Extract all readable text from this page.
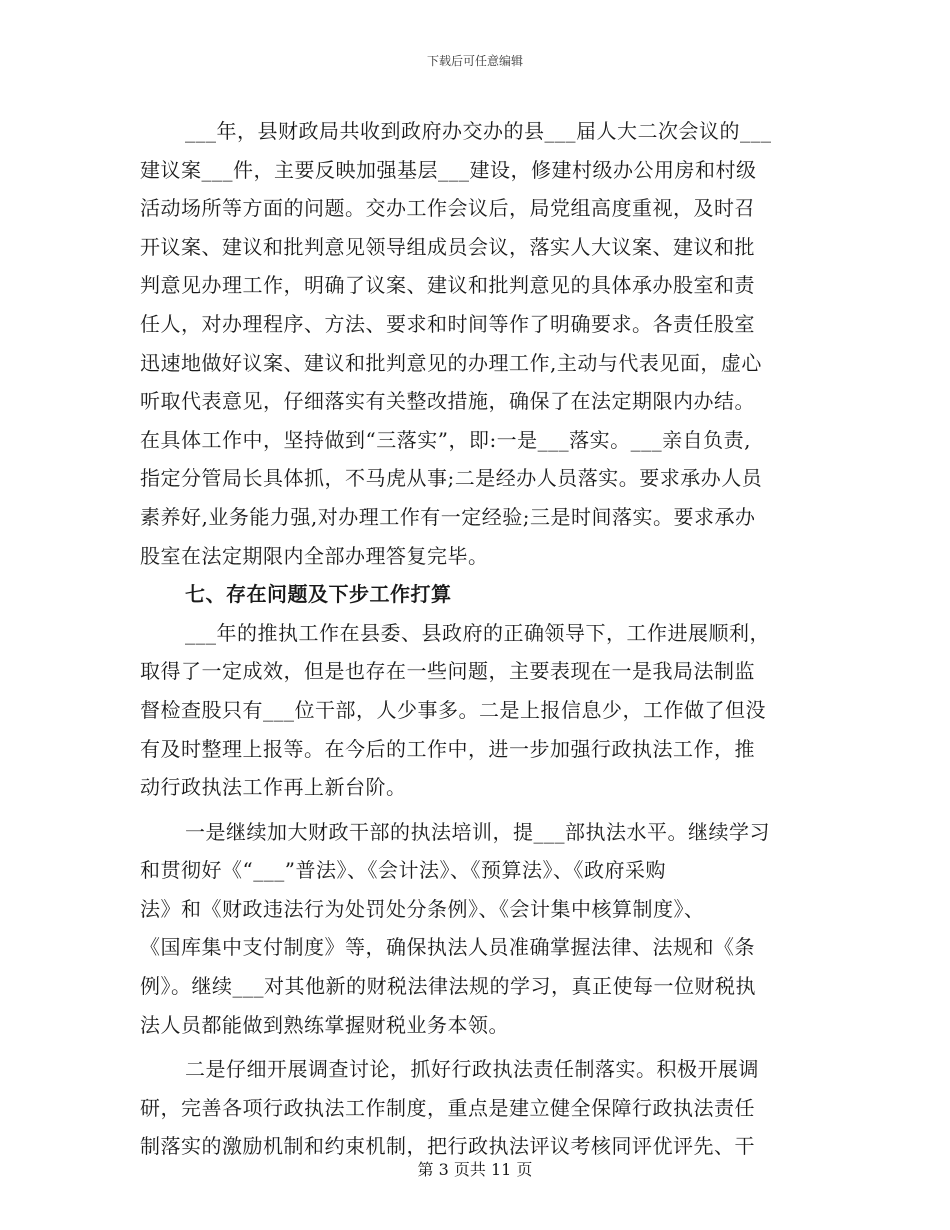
下载后可任意编辑
___年，县财政局共收到政府办交办的县___届人大二次会议的___
建议案___件，主要反映加强基层___建设，修建村级办公用房和村级
活动场所等方面的问题。交办工作会议后，局党组高度重视，及时召
开议案、建议和批判意见领导组成员会议，落实人大议案、建议和批
判意见办理工作，明确了议案、建议和批判意见的具体承办股室和责
任人，对办理程序、方法、要求和时间等作了明确要求。各责任股室
迅速地做好议案、建议和批判意见的办理工作,主动与代表见面，虚心
听取代表意见，仔细落实有关整改措施，确保了在法定期限内办结。
在具体工作中，坚持做到“三落实”，即:一是___落实。___亲自负责,
指定分管局长具体抓，不马虎从事;二是经办人员落实。要求承办人员
素养好,业务能力强,对办理工作有一定经验;三是时间落实。要求承办
股室在法定期限内全部办理答复完毕。
七、存在问题及下步工作打算
___年的推执工作在县委、县政府的正确领导下，工作进展顺利，
取得了一定成效，但是也存在一些问题，主要表现在一是我局法制监
督检查股只有___位干部，人少事多。二是上报信息少，工作做了但没
有及时整理上报等。在今后的工作中，进一步加强行政执法工作，推
动行政执法工作再上新台阶。
一是继续加大财政干部的执法培训，提___部执法水平。继续学习
和贯彻好《“___”普法》、《会计法》、《预算法》、《政府采购
法》和《财政违法行为处罚处分条例》、《会计集中核算制度》、
《国库集中支付制度》等，确保执法人员准确掌握法律、法规和《条
例》。继续___对其他新的财税法律法规的学习，真正使每一位财税执
法人员都能做到熟练掌握财税业务本领。
二是仔细开展调查讨论，抓好行政执法责任制落实。积极开展调
研，完善各项行政执法工作制度，重点是建立健全保障行政执法责任
制落实的激励机制和约束机制，把行政执法评议考核同评优评先、干
第 3 页共 11 页
